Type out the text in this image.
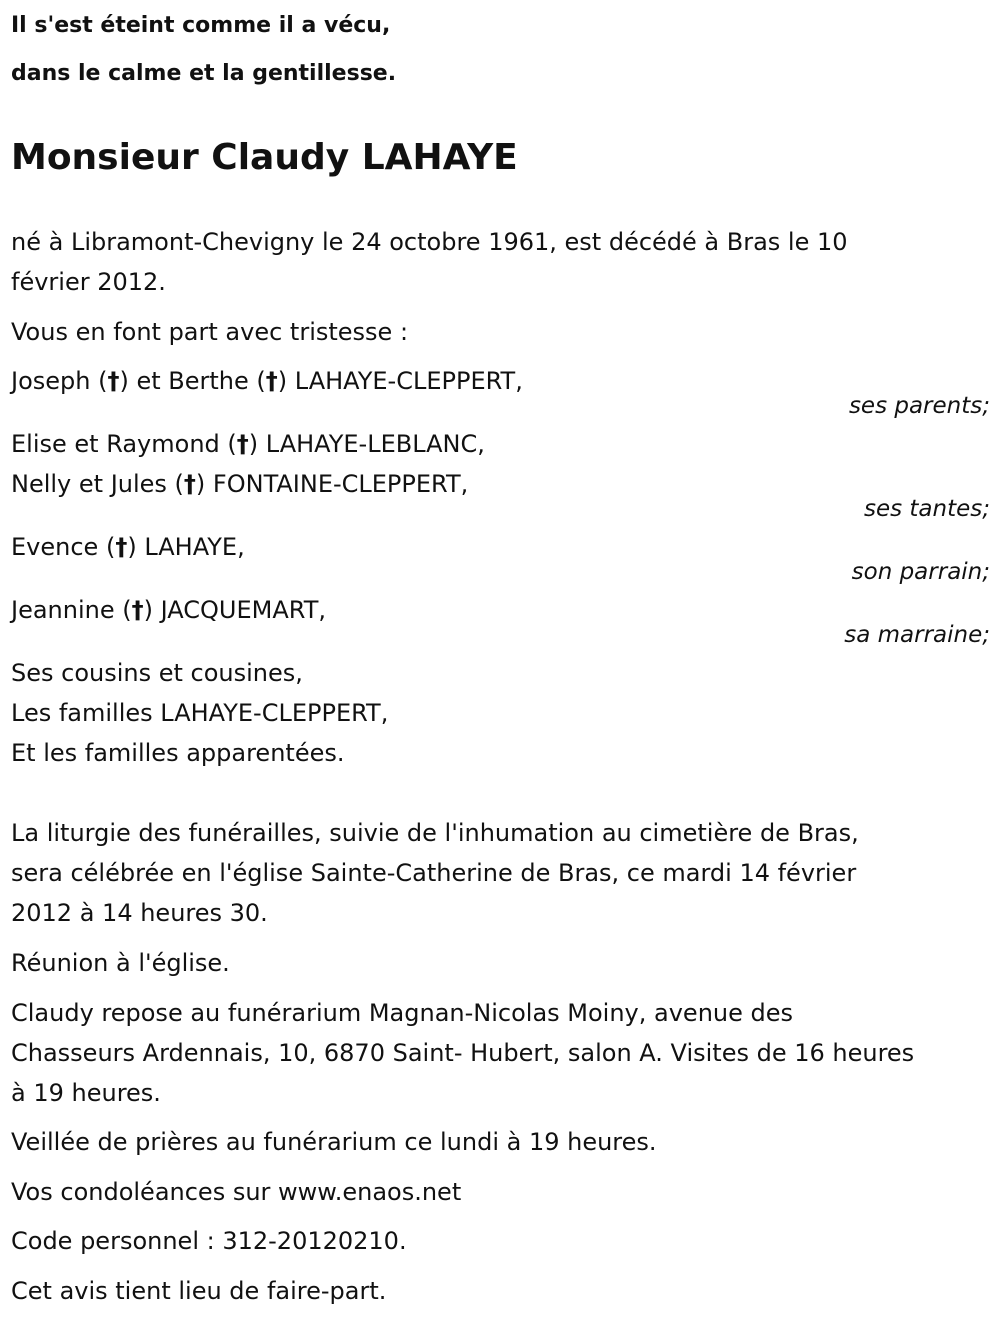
Il s'est éteint comme il a vécu,

dans le calme et la gentillesse.

Monsieur Claudy LAHAYE

né à Libramont-Chevigny le 24 octobre 1961, est décédé à Bras le 10

février 2012.

Vous en font part avec tristesse :

Joseph (†) et Berthe (†) LAHAYE-CLEPPERT,

ses parents;

Elise et Raymond (†) LAHAYE-LEBLANC,

Nelly et Jules (†) FONTAINE-CLEPPERT,

ses tantes;

Evence (†) LAHAYE,

son parrain;

Jeannine (†) JACQUEMART,

sa marraine;

Ses cousins et cousines,

Les familles LAHAYE-CLEPPERT,

Et les familles apparentées.

La liturgie des funérailles, suivie de l'inhumation au cimetière de Bras,

sera célébrée en l'église Sainte-Catherine de Bras, ce mardi 14 février

2012 à 14 heures 30.

Réunion à l'église.

Claudy repose au funérarium Magnan-Nicolas Moiny, avenue des

Chasseurs Ardennais, 10, 6870 Saint- Hubert, salon A. Visites de 16 heures

à 19 heures.

Veillée de prières au funérarium ce lundi à 19 heures.

Vos condoléances sur www.enaos.net

Code personnel : 312-20120210.

Cet avis tient lieu de faire-part.
